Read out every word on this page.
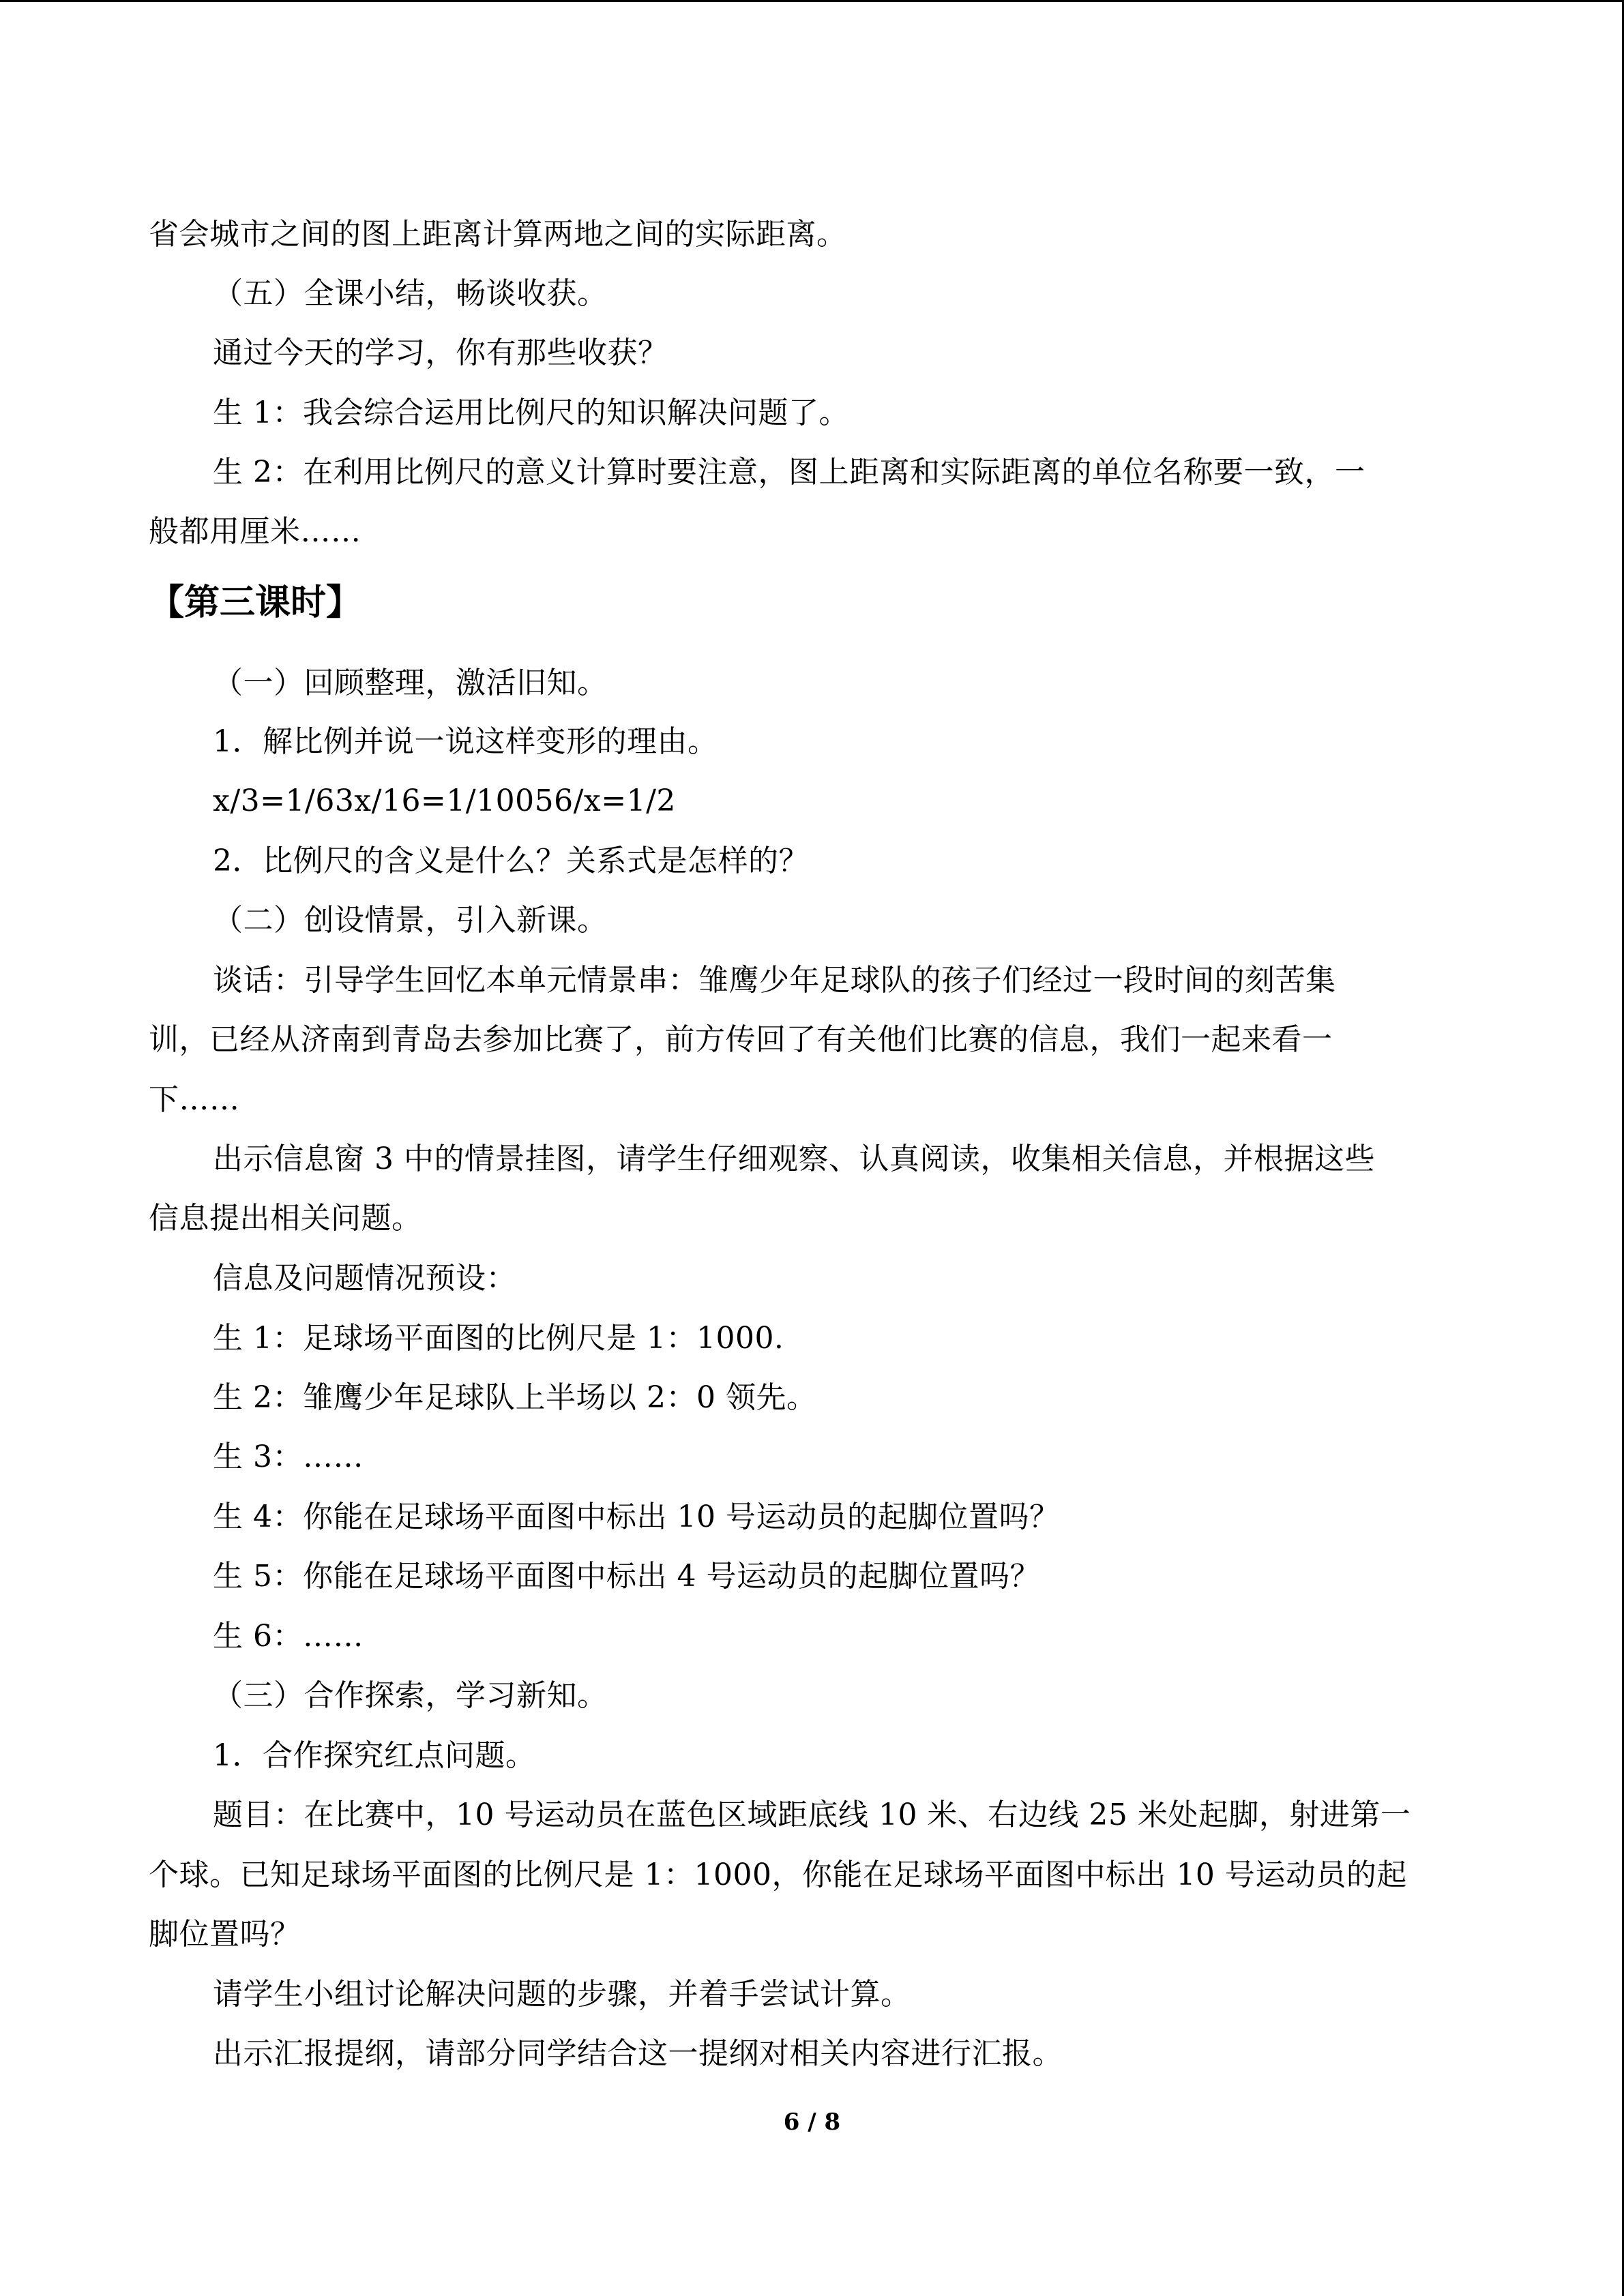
省会城市之间的图上距离计算两地之间的实际距离。
（五）全课小结，畅谈收获。
通过今天的学习，你有那些收获？
生 1：我会综合运用比例尺的知识解决问题了。
生 2：在利用比例尺的意义计算时要注意，图上距离和实际距离的单位名称要一致，一
般都用厘米……
【第三课时】
（一）回顾整理，激活旧知。
1．解比例并说一说这样变形的理由。
x/3=1/63x/16=1/10056/x=1/2
2．比例尺的含义是什么？关系式是怎样的？
（二）创设情景，引入新课。
谈话：引导学生回忆本单元情景串：雏鹰少年足球队的孩子们经过一段时间的刻苦集
训，已经从济南到青岛去参加比赛了，前方传回了有关他们比赛的信息，我们一起来看一
下……
出示信息窗 3 中的情景挂图，请学生仔细观察、认真阅读，收集相关信息，并根据这些
信息提出相关问题。
信息及问题情况预设：
生 1：足球场平面图的比例尺是 1：1000.
生 2：雏鹰少年足球队上半场以 2：0 领先。
生 3：……
生 4：你能在足球场平面图中标出 10 号运动员的起脚位置吗？
生 5：你能在足球场平面图中标出 4 号运动员的起脚位置吗？
生 6：……
（三）合作探索，学习新知。
1．合作探究红点问题。
题目：在比赛中，10 号运动员在蓝色区域距底线 10 米、右边线 25 米处起脚，射进第一
个球。已知足球场平面图的比例尺是 1：1000，你能在足球场平面图中标出 10 号运动员的起
脚位置吗？
请学生小组讨论解决问题的步骤，并着手尝试计算。
出示汇报提纲，请部分同学结合这一提纲对相关内容进行汇报。
6 / 8
